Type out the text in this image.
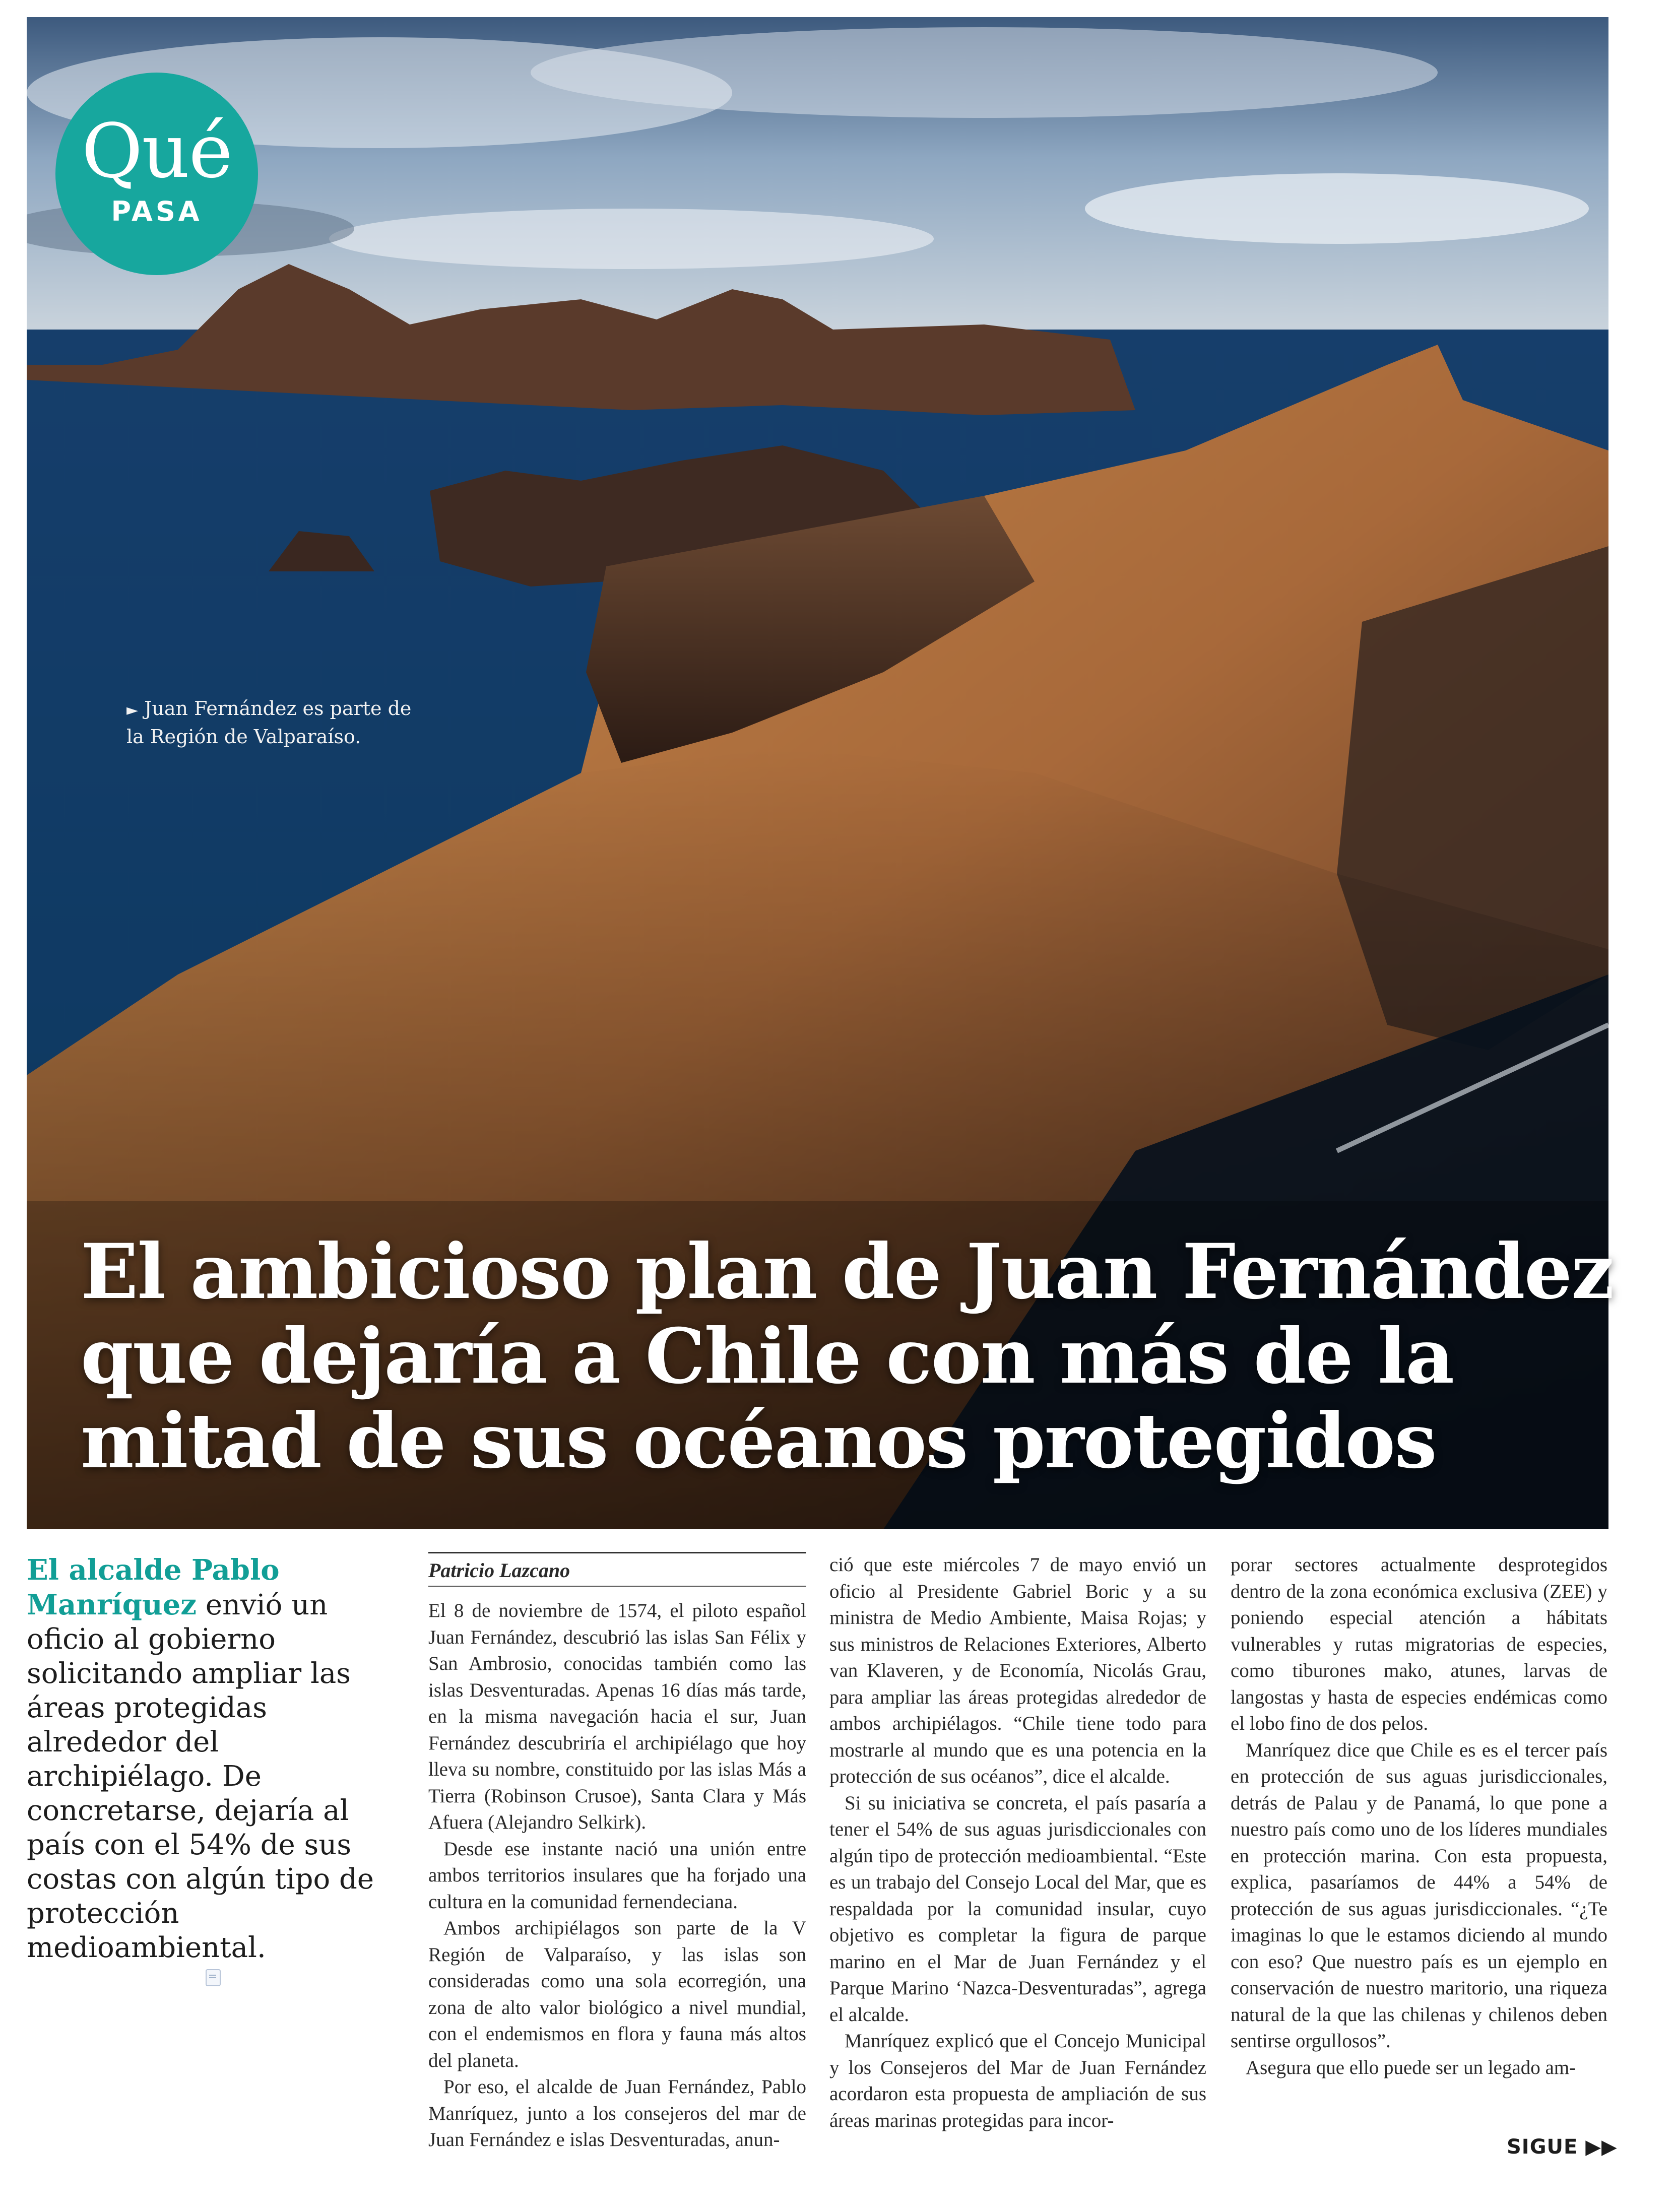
► Juan Fernández es parte de la Región de Valparaíso.
Qué
PASA
El ambicioso plan de Juan Fernández
que dejaría a Chile con más de la
mitad de sus océanos protegidos
El alcalde Pablo Manríquez envió un oficio al gobierno solicitando ampliar las áreas protegidas alrededor del archipiélago. De concretarse, dejaría al país con el 54% de sus costas con algún tipo de protección medioambiental.
Patricio Lazcano

El 8 de noviembre de 1574, el piloto español Juan Fernández, descubrió las islas San Félix y San Ambrosio, conocidas también como las islas Desventuradas. Apenas 16 días más tarde, en la misma navegación hacia el sur, Juan Fernández descubriría el archipiélago que hoy lleva su nombre, constituido por las islas Más a Tierra (Robinson Crusoe), Santa Clara y Más Afuera (Alejandro Selkirk).

Desde ese instante nació una unión entre ambos territorios insulares que ha forjado una cultura en la comunidad fernendeciana.

Ambos archipiélagos son parte de la V Región de Valparaíso, y las islas son consideradas como una sola ecorregión, una zona de alto valor biológico a nivel mundial, con el endemismos en flora y fauna más altos del planeta.

Por eso, el alcalde de Juan Fernández, Pablo Manríquez, junto a los consejeros del mar de Juan Fernández e islas Desventuradas, anun-

ció que este miércoles 7 de mayo envió un oficio al Presidente Gabriel Boric y a su ministra de Medio Ambiente, Maisa Rojas; y sus ministros de Relaciones Exteriores, Alberto van Klaveren, y de Economía, Nicolás Grau, para ampliar las áreas protegidas alrededor de ambos archipiélagos. “Chile tiene todo para mostrarle al mundo que es una potencia en la protección de sus océanos”, dice el alcalde.

Si su iniciativa se concreta, el país pasaría a tener el 54% de sus aguas jurisdiccionales con algún tipo de protección medioambiental. “Este es un trabajo del Consejo Local del Mar, que es respaldada por la comunidad insular, cuyo objetivo es completar la figura de parque marino en el Mar de Juan Fernández y el Parque Marino ‘Nazca-Desventuradas”, agrega el alcalde.

Manríquez explicó que el Concejo Municipal y los Consejeros del Mar de Juan Fernández acordaron esta propuesta de ampliación de sus áreas marinas protegidas para incor-

porar sectores actualmente desprotegidos dentro de la zona económica exclusiva (ZEE) y poniendo especial atención a hábitats vulnerables y rutas migratorias de especies, como tiburones mako, atunes, larvas de langostas y hasta de especies endémicas como el lobo fino de dos pelos.

Manríquez dice que Chile es es el tercer país en protección de sus aguas jurisdiccionales, detrás de Palau y de Panamá, lo que pone a nuestro país como uno de los líderes mundiales en protección marina. Con esta propuesta, explica, pasaríamos de 44% a 54% de protección de sus aguas jurisdiccionales. “¿Te imaginas lo que le estamos diciendo al mundo con eso? Que nuestro país es un ejemplo en conservación de nuestro maritorio, una riqueza natural de la que las chilenas y chilenos deben sentirse orgullosos”.

Asegura que ello puede ser un legado am-

SIGUE ▶▶
